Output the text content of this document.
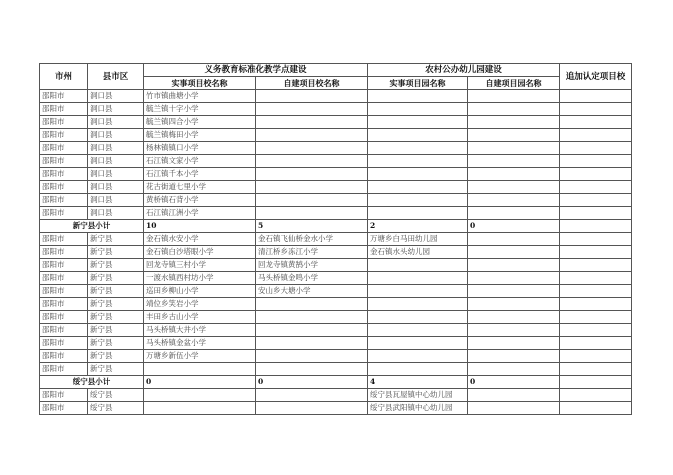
市州	县市区	义务教育标准化教学点建设		农村公办幼儿园建设		追加认定项目校
		实事项目校名称	自建项目校名称	实事项目园名称	自建项目园名称	
邵阳市	洞口县	竹市镇曲塘小学				
邵阳市	洞口县	毓兰镇十字小学				
邵阳市	洞口县	毓兰镇四合小学				
邵阳市	洞口县	毓兰镇梅田小学				
邵阳市	洞口县	杨林镇镇口小学				
邵阳市	洞口县	石江镇文家小学				
邵阳市	洞口县	石江镇千本小学				
邵阳市	洞口县	花古街道七里小学				
邵阳市	洞口县	黄桥镇石背小学				
邵阳市	洞口县	石江镇江洲小学				
新宁县小计		10	5	2	0	
邵阳市	新宁县	金石镇水安小学	金石镇飞仙桥金水小学	万塘乡白马田幼儿园		
邵阳市	新宁县	金石镇白沙塔眼小学	清江桥乡冻江小学	金石镇水头幼儿园		
邵阳市	新宁县	回龙寺镇三村小学	回龙寺镇黄鹄小学			
邵阳市	新宁县	一渡水镇西村坊小学	马头桥镇金鸣小学			
邵阳市	新宁县	巡田乡柳山小学	安山乡大塘小学			
邵阳市	新宁县	靖位乡笑岩小学				
邵阳市	新宁县	丰田乡古山小学				
邵阳市	新宁县	马头桥镇大井小学				
邵阳市	新宁县	马头桥镇金盆小学				
邵阳市	新宁县	万塘乡新伍小学				
邵阳市	新宁县					
绥宁县小计		0	0	4	0	
邵阳市	绥宁县			绥宁县瓦屋镇中心幼儿园		
邵阳市	绥宁县			绥宁县武阳镇中心幼儿园		
